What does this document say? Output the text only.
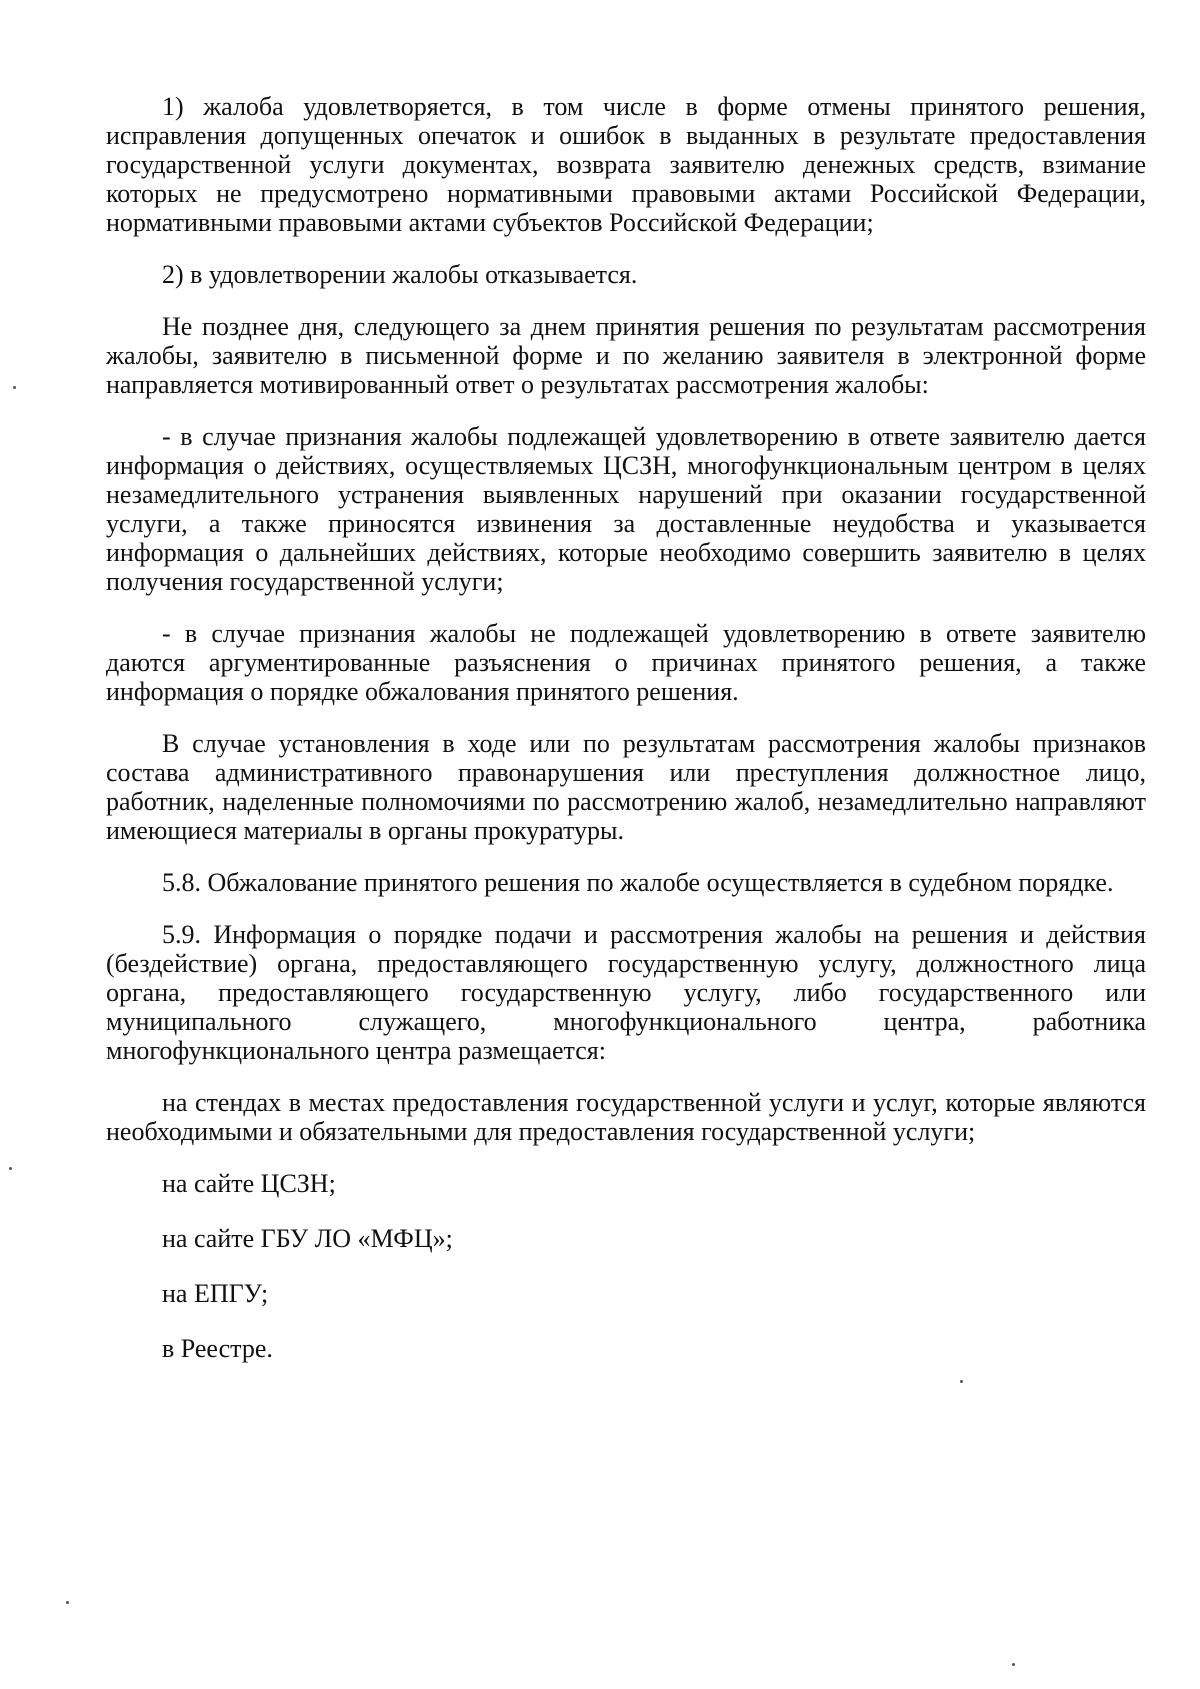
1) жалоба удовлетворяется, в том числе в форме отмены принятого решения, исправления допущенных опечаток и ошибок в выданных в результате предоставления государственной услуги документах, возврата заявителю денежных средств, взимание которых не предусмотрено нормативными правовыми актами Российской Федерации, нормативными правовыми актами субъектов Российской Федерации;

2) в удовлетворении жалобы отказывается.

Не позднее дня, следующего за днем принятия решения по результатам рассмотрения жалобы, заявителю в письменной форме и по желанию заявителя в электронной форме направляется мотивированный ответ о результатах рассмотрения жалобы:

- в случае признания жалобы подлежащей удовлетворению в ответе заявителю дается информация о действиях, осуществляемых ЦСЗН, многофункциональным центром в целях незамедлительного устранения выявленных нарушений при оказании государственной услуги, а также приносятся извинения за доставленные неудобства и указывается информация о дальнейших действиях, которые необходимо совершить заявителю в целях получения государственной услуги;

- в случае признания жалобы не подлежащей удовлетворению в ответе заявителю даются аргументированные разъяснения о причинах принятого решения, а также информация о порядке обжалования принятого решения.

В случае установления в ходе или по результатам рассмотрения жалобы признаков состава административного правонарушения или преступления должностное лицо, работник, наделенные полномочиями по рассмотрению жалоб, незамедлительно направляют имеющиеся материалы в органы прокуратуры.

5.8. Обжалование принятого решения по жалобе осуществляется в судебном порядке.

5.9. Информация о порядке подачи и рассмотрения жалобы на решения и действия (бездействие) органа, предоставляющего государственную услугу, должностного лица органа, предоставляющего государственную услугу, либо государственного или муниципального служащего, многофункционального центра, работника многофункционального центра размещается:

на стендах в местах предоставления государственной услуги и услуг, которые являются необходимыми и обязательными для предоставления государственной услуги;

на сайте ЦСЗН;

на сайте ГБУ ЛО «МФЦ»;

на ЕПГУ;

в Реестре.
